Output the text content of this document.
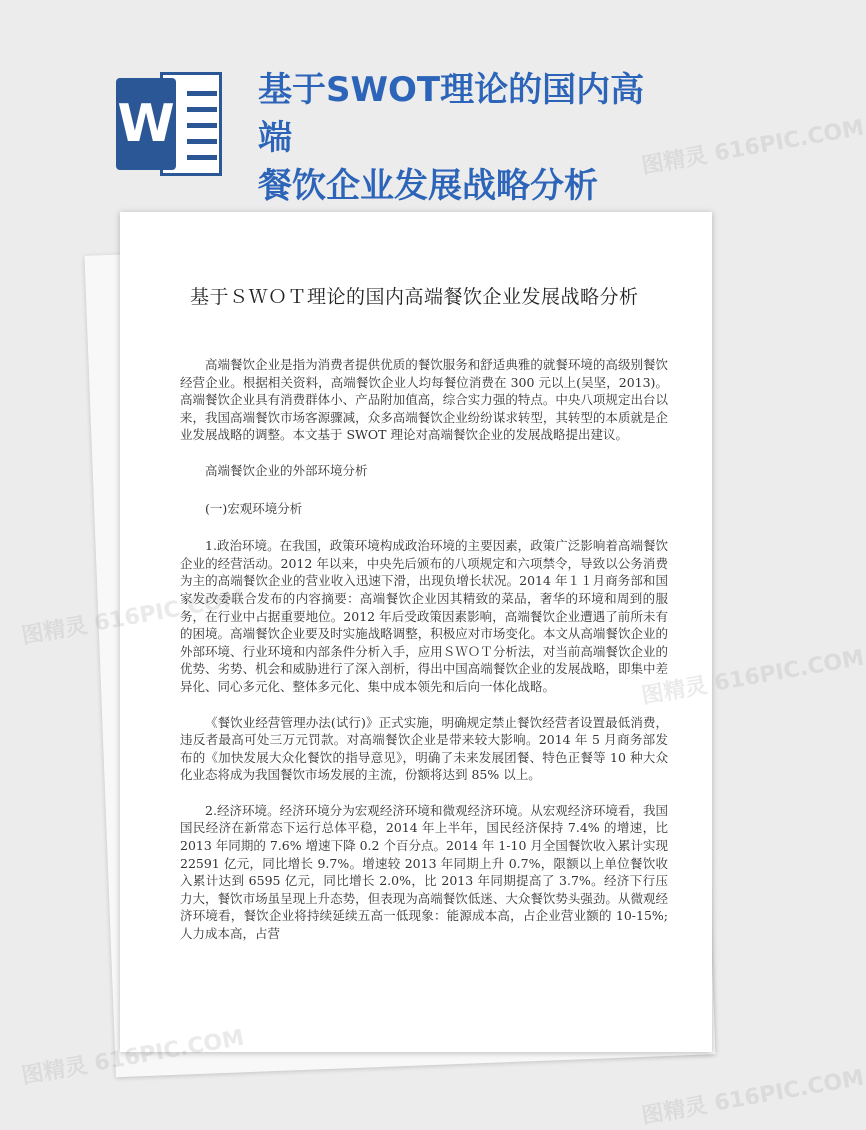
W
基于SWOT理论的国内高端
餐饮企业发展战略分析
基于ＳＷＯＴ理论的国内高端餐饮企业发展战略分析

高端餐饮企业是指为消费者提供优质的餐饮服务和舒适典雅的就餐环境的高级别餐饮经营企业。根据相关资料，高端餐饮企业人均每餐位消费在 300 元以上(吴坚，2013)。高端餐饮企业具有消费群体小、产品附加值高，综合实力强的特点。中央八项规定出台以来，我国高端餐饮市场客源骤减，众多高端餐饮企业纷纷谋求转型，其转型的本质就是企业发展战略的调整。本文基于 SWOT 理论对高端餐饮企业的发展战略提出建议。

高端餐饮企业的外部环境分析

(一)宏观环境分析

1.政治环境。在我国，政策环境构成政治环境的主要因素，政策广泛影响着高端餐饮企业的经营活动。2012 年以来，中央先后颁布的八项规定和六项禁令，导致以公务消费为主的高端餐饮企业的营业收入迅速下滑，出现负增长状况。2014 年１１月商务部和国家发改委联合发布的内容摘要：高端餐饮企业因其精致的菜品，奢华的环境和周到的服务，在行业中占据重要地位。2012 年后受政策因素影响，高端餐饮企业遭遇了前所未有的困境。高端餐饮企业要及时实施战略调整，积极应对市场变化。本文从高端餐饮企业的外部环境、行业环境和内部条件分析入手，应用ＳＷＯＴ分析法，对当前高端餐饮企业的优势、劣势、机会和威胁进行了深入剖析，得出中国高端餐饮企业的发展战略，即集中差异化、同心多元化、整体多元化、集中成本领先和后向一体化战略。

《餐饮业经营管理办法(试行)》正式实施，明确规定禁止餐饮经营者设置最低消费，违反者最高可处三万元罚款。对高端餐饮企业是带来较大影响。2014 年 5 月商务部发布的《加快发展大众化餐饮的指导意见》，明确了未来发展团餐、特色正餐等 10 种大众化业态将成为我国餐饮市场发展的主流，份额将达到 85% 以上。

2.经济环境。经济环境分为宏观经济环境和微观经济环境。从宏观经济环境看，我国国民经济在新常态下运行总体平稳，2014 年上半年，国民经济保持 7.4% 的增速，比 2013 年同期的 7.6% 增速下降 0.2 个百分点。2014 年 1-10 月全国餐饮收入累计实现 22591 亿元，同比增长 9.7%。增速较 2013 年同期上升 0.7%，限额以上单位餐饮收入累计达到 6595 亿元，同比增长 2.0%，比 2013 年同期提高了 3.7%。经济下行压力大，餐饮市场虽呈现上升态势，但表现为高端餐饮低迷、大众餐饮势头强劲。从微观经济环境看，餐饮企业将持续延续五高一低现象：能源成本高，占企业营业额的 10-15%;人力成本高，占营

图精灵 616PIC.COM
图精灵 616PIC.COM
图精灵 616PIC.COM
图精灵 616PIC.COM
图精灵 616PIC.COM
